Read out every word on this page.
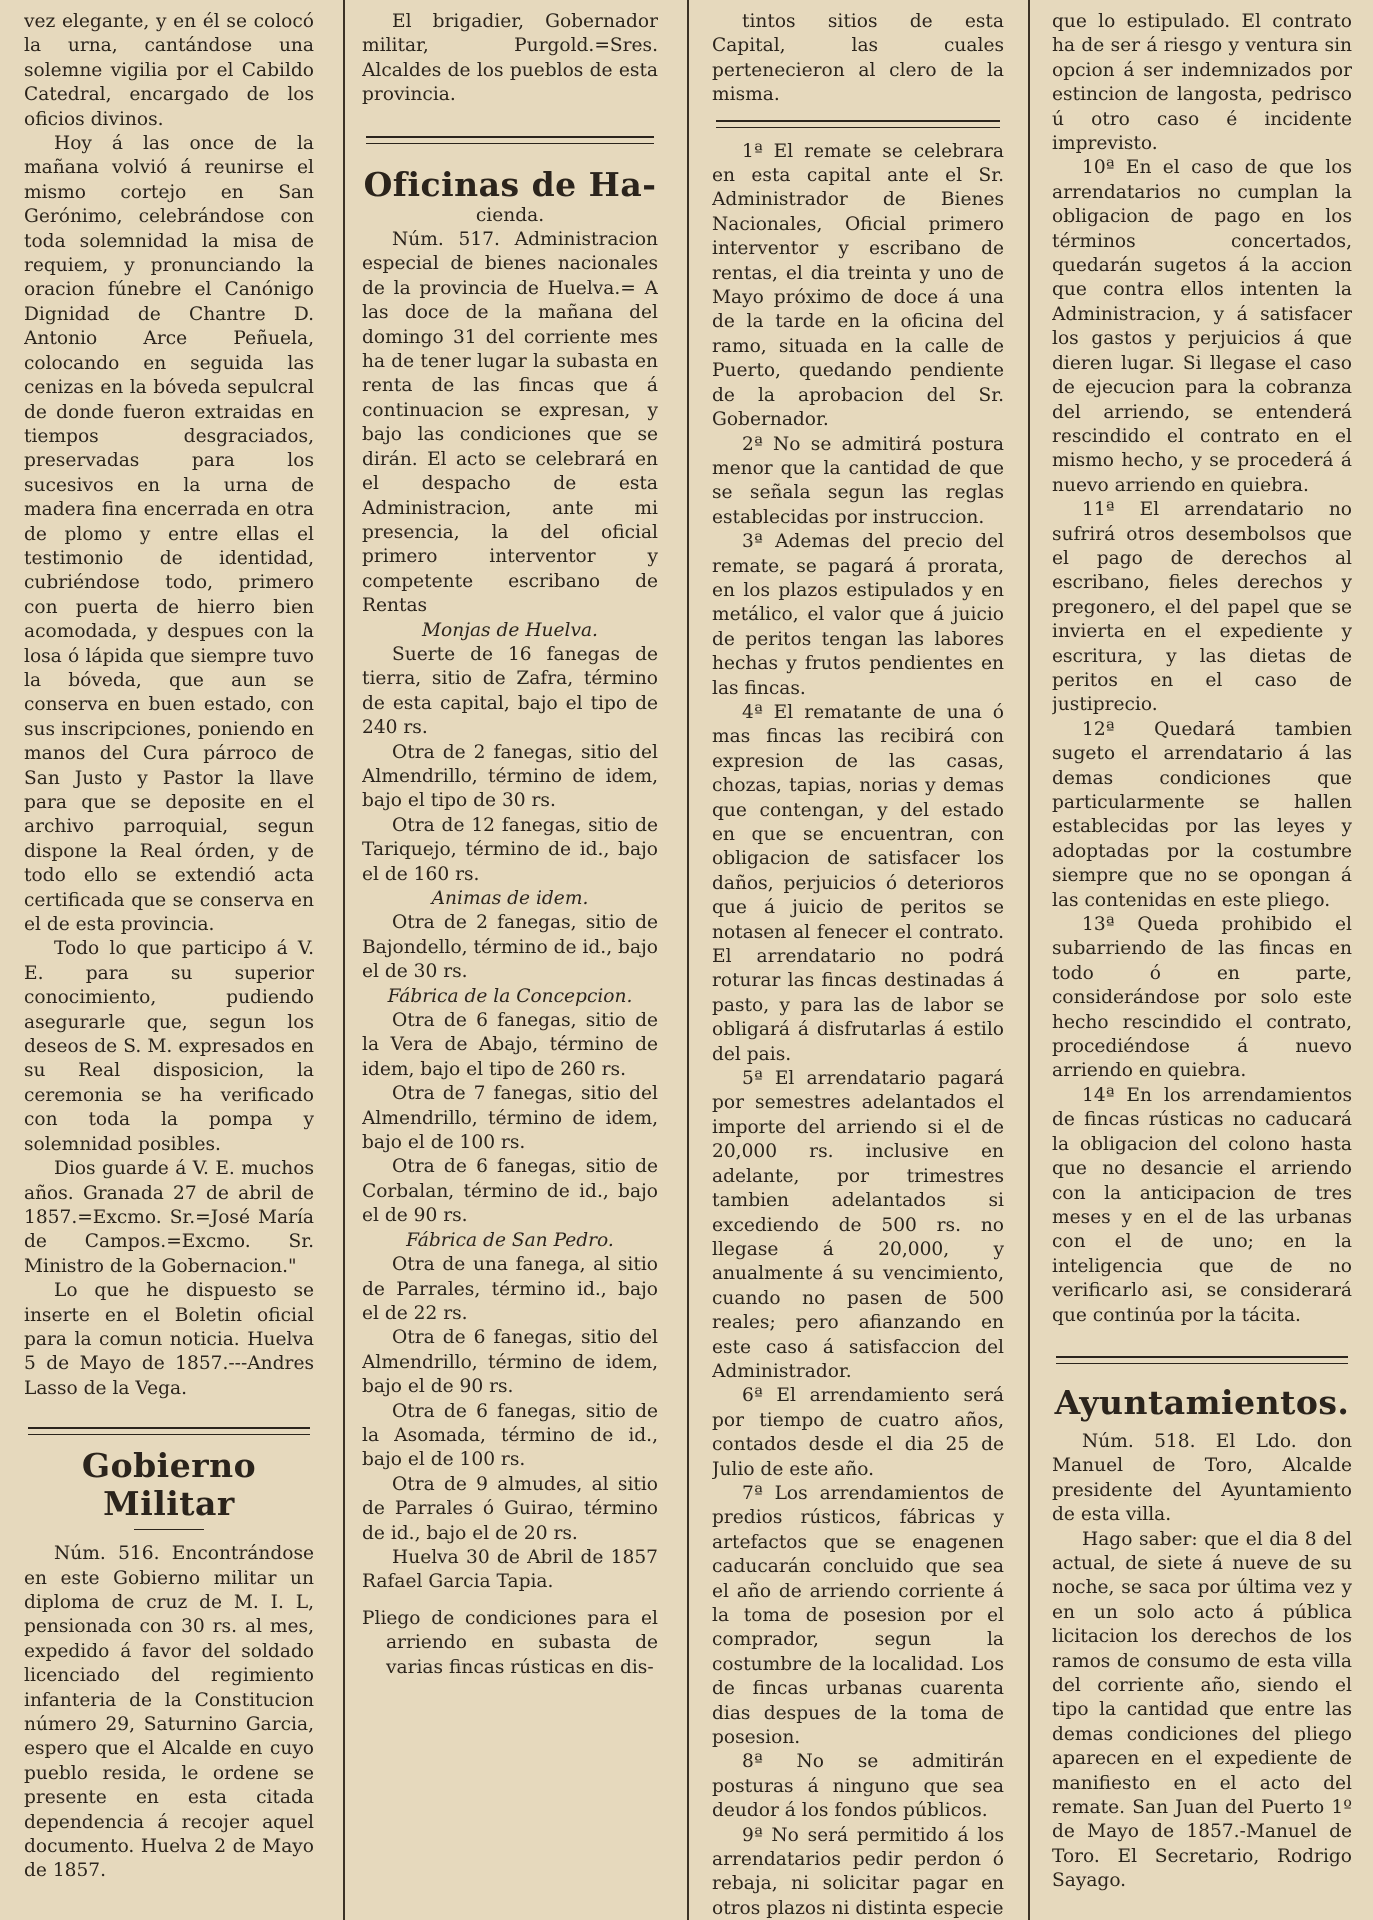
vez elegante, y en él se colocó la urna, cantándose una solemne vigilia por el Cabildo Catedral, encargado de los oficios divinos.

Hoy á las once de la mañana volvió á reunirse el mismo cortejo en San Gerónimo, celebrándose con toda solemnidad la misa de requiem, y pronunciando la oracion fúnebre el Canónigo Dignidad de Chantre D. Antonio Arce Peñuela, colocando en seguida las cenizas en la bóveda sepulcral de donde fueron extraidas en tiempos desgraciados, preservadas para los sucesivos en la urna de madera fina encerrada en otra de plomo y entre ellas el testimonio de identidad, cubriéndose todo, primero con puerta de hierro bien acomodada, y despues con la losa ó lápida que siempre tuvo la bóveda, que aun se conserva en buen estado, con sus inscripciones, poniendo en manos del Cura párroco de San Justo y Pastor la llave para que se deposite en el archivo parroquial, segun dispone la Real órden, y de todo ello se extendió acta certificada que se conserva en el de esta provincia.

Todo lo que participo á V. E. para su superior conocimiento, pudiendo asegurarle que, segun los deseos de S. M. expresados en su Real disposicion, la ceremonia se ha verificado con toda la pompa y solemnidad posibles.

Dios guarde á V. E. muchos años. Granada 27 de abril de 1857.=Excmo. Sr.=José María de Campos.=Excmo. Sr. Ministro de la Gobernacion."

Lo que he dispuesto se inserte en el Boletin oficial para la comun noticia. Huelva 5 de Mayo de 1857.---Andres Lasso de la Vega.

Gobierno Militar

Núm. 516. Encontrándose en este Gobierno militar un diploma de cruz de M. I. L, pensionada con 30 rs. al mes, expedido á favor del soldado licenciado del regimiento infanteria de la Constitucion número 29, Saturnino Garcia, espero que el Alcalde en cuyo pueblo resida, le ordene se presente en esta citada dependencia á recojer aquel documento. Huelva 2 de Mayo de 1857.

El brigadier, Gobernador militar, Purgold.=Sres. Alcaldes de los pueblos de esta provincia.

Oficinas de Ha-

cienda.

Núm. 517. Administracion especial de bienes nacionales de la provincia de Huelva.= A las doce de la mañana del domingo 31 del corriente mes ha de tener lugar la subasta en renta de las fincas que á continuacion se expresan, y bajo las condiciones que se dirán. El acto se celebrará en el despacho de esta Administracion, ante mi presencia, la del oficial primero interventor y competente escribano de Rentas

Monjas de Huelva.

Suerte de 16 fanegas de tierra, sitio de Zafra, término de esta capital, bajo el tipo de 240 rs.

Otra de 2 fanegas, sitio del Almendrillo, término de idem, bajo el tipo de 30 rs.

Otra de 12 fanegas, sitio de Tariquejo, término de id., bajo el de 160 rs.

Animas de idem.

Otra de 2 fanegas, sitio de Bajondello, término de id., bajo el de 30 rs.

Fábrica de la Concepcion.

Otra de 6 fanegas, sitio de la Vera de Abajo, término de idem, bajo el tipo de 260 rs.

Otra de 7 fanegas, sitio del Almendrillo, término de idem, bajo el de 100 rs.

Otra de 6 fanegas, sitio de Corbalan, término de id., bajo el de 90 rs.

Fábrica de San Pedro.

Otra de una fanega, al sitio de Parrales, término id., bajo el de 22 rs.

Otra de 6 fanegas, sitio del Almendrillo, término de idem, bajo el de 90 rs.

Otra de 6 fanegas, sitio de la Asomada, término de id., bajo el de 100 rs.

Otra de 9 almudes, al sitio de Parrales ó Guirao, término de id., bajo el de 20 rs.

Huelva 30 de Abril de 1857 Rafael Garcia Tapia.

Pliego de condiciones para el arriendo en subasta de varias fincas rústicas en dis-

tintos sitios de esta Capital, las cuales pertenecieron al clero de la misma.

1ª El remate se celebrara en esta capital ante el Sr. Administrador de Bienes Nacionales, Oficial primero interventor y escribano de rentas, el dia treinta y uno de Mayo próximo de doce á una de la tarde en la oficina del ramo, situada en la calle de Puerto, quedando pendiente de la aprobacion del Sr. Gobernador.

2ª No se admitirá postura menor que la cantidad de que se señala segun las reglas establecidas por instruccion.

3ª Ademas del precio del remate, se pagará á prorata, en los plazos estipulados y en metálico, el valor que á juicio de peritos tengan las labores hechas y frutos pendientes en las fincas.

4ª El rematante de una ó mas fincas las recibirá con expresion de las casas, chozas, tapias, norias y demas que contengan, y del estado en que se encuentran, con obligacion de satisfacer los daños, perjuicios ó deterioros que á juicio de peritos se notasen al fenecer el contrato. El arrendatario no podrá roturar las fincas destinadas á pasto, y para las de labor se obligará á disfrutarlas á estilo del pais.

5ª El arrendatario pagará por semestres adelantados el importe del arriendo si el de 20,000 rs. inclusive en adelante, por trimestres tambien adelantados si excediendo de 500 rs. no llegase á 20,000, y anualmente á su vencimiento, cuando no pasen de 500 reales; pero afianzando en este caso á satisfaccion del Administrador.

6ª El arrendamiento será por tiempo de cuatro años, contados desde el dia 25 de Julio de este año.

7ª Los arrendamientos de predios rústicos, fábricas y artefactos que se enagenen caducarán concluido que sea el año de arriendo corriente á la toma de posesion por el comprador, segun la costumbre de la localidad. Los de fincas urbanas cuarenta dias despues de la toma de posesion.

8ª No se admitirán posturas á ninguno que sea deudor á los fondos públicos.

9ª No será permitido á los arrendatarios pedir perdon ó rebaja, ni solicitar pagar en otros plazos ni distinta especie

que lo estipulado. El contrato ha de ser á riesgo y ventura sin opcion á ser indemnizados por estincion de langosta, pedrisco ú otro caso é incidente imprevisto.

10ª En el caso de que los arrendatarios no cumplan la obligacion de pago en los términos concertados, quedarán sugetos á la accion que contra ellos intenten la Administracion, y á satisfacer los gastos y perjuicios á que dieren lugar. Si llegase el caso de ejecucion para la cobranza del arriendo, se entenderá rescindido el contrato en el mismo hecho, y se procederá á nuevo arriendo en quiebra.

11ª El arrendatario no sufrirá otros desembolsos que el pago de derechos al escribano, fieles derechos y pregonero, el del papel que se invierta en el expediente y escritura, y las dietas de peritos en el caso de justiprecio.

12ª Quedará tambien sugeto el arrendatario á las demas condiciones que particularmente se hallen establecidas por las leyes y adoptadas por la costumbre siempre que no se opongan á las contenidas en este pliego.

13ª Queda prohibido el subarriendo de las fincas en todo ó en parte, considerándose por solo este hecho rescindido el contrato, procediéndose á nuevo arriendo en quiebra.

14ª En los arrendamientos de fincas rústicas no caducará la obligacion del colono hasta que no desancie el arriendo con la anticipacion de tres meses y en el de las urbanas con el de uno; en la inteligencia que de no verificarlo asi, se considerará que continúa por la tácita.

Ayuntamientos.

Núm. 518. El Ldo. don Manuel de Toro, Alcalde presidente del Ayuntamiento de esta villa.

Hago saber: que el dia 8 del actual, de siete á nueve de su noche, se saca por última vez y en un solo acto á pública licitacion los derechos de los ramos de consumo de esta villa del corriente año, siendo el tipo la cantidad que entre las demas condiciones del pliego aparecen en el expediente de manifiesto en el acto del remate. San Juan del Puerto 1º de Mayo de 1857.-Manuel de Toro. El Secretario, Rodrigo Sayago.
